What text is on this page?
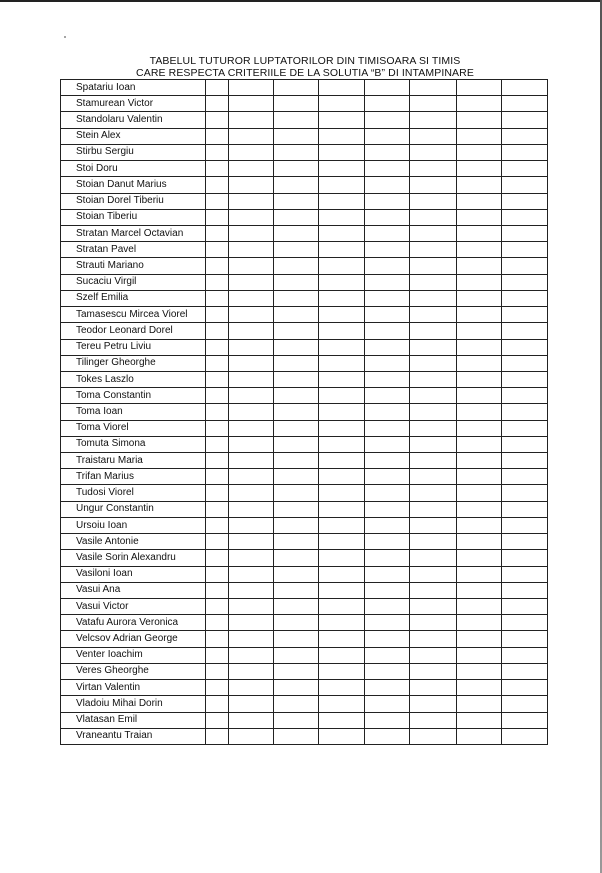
TABELUL TUTUROR LUPTATORILOR DIN TIMISOARA SI TIMIS
CARE RESPECTA CRITERIILE DE LA SOLUTIA “B” DI INTAMPINARE
Spatariu Ioan								
Stamurean Victor								
Standolaru Valentin								
Stein Alex								
Stirbu Sergiu								
Stoi Doru								
Stoian Danut Marius								
Stoian Dorel Tiberiu								
Stoian Tiberiu								
Stratan Marcel Octavian								
Stratan Pavel								
Strauti Mariano								
Sucaciu Virgil								
Szelf Emilia								
Tamasescu Mircea Viorel								
Teodor Leonard Dorel								
Tereu Petru Liviu								
Tilinger Gheorghe								
Tokes Laszlo								
Toma Constantin								
Toma Ioan								
Toma Viorel								
Tomuta Simona								
Traistaru Maria								
Trifan Marius								
Tudosi Viorel								
Ungur Constantin								
Ursoiu Ioan								
Vasile Antonie								
Vasile Sorin Alexandru								
Vasiloni Ioan								
Vasui Ana								
Vasui Victor								
Vatafu Aurora Veronica								
Velcsov Adrian George								
Venter Ioachim								
Veres Gheorghe								
Virtan Valentin								
Vladoiu Mihai Dorin								
Vlatasan Emil								
Vraneantu Traian								
